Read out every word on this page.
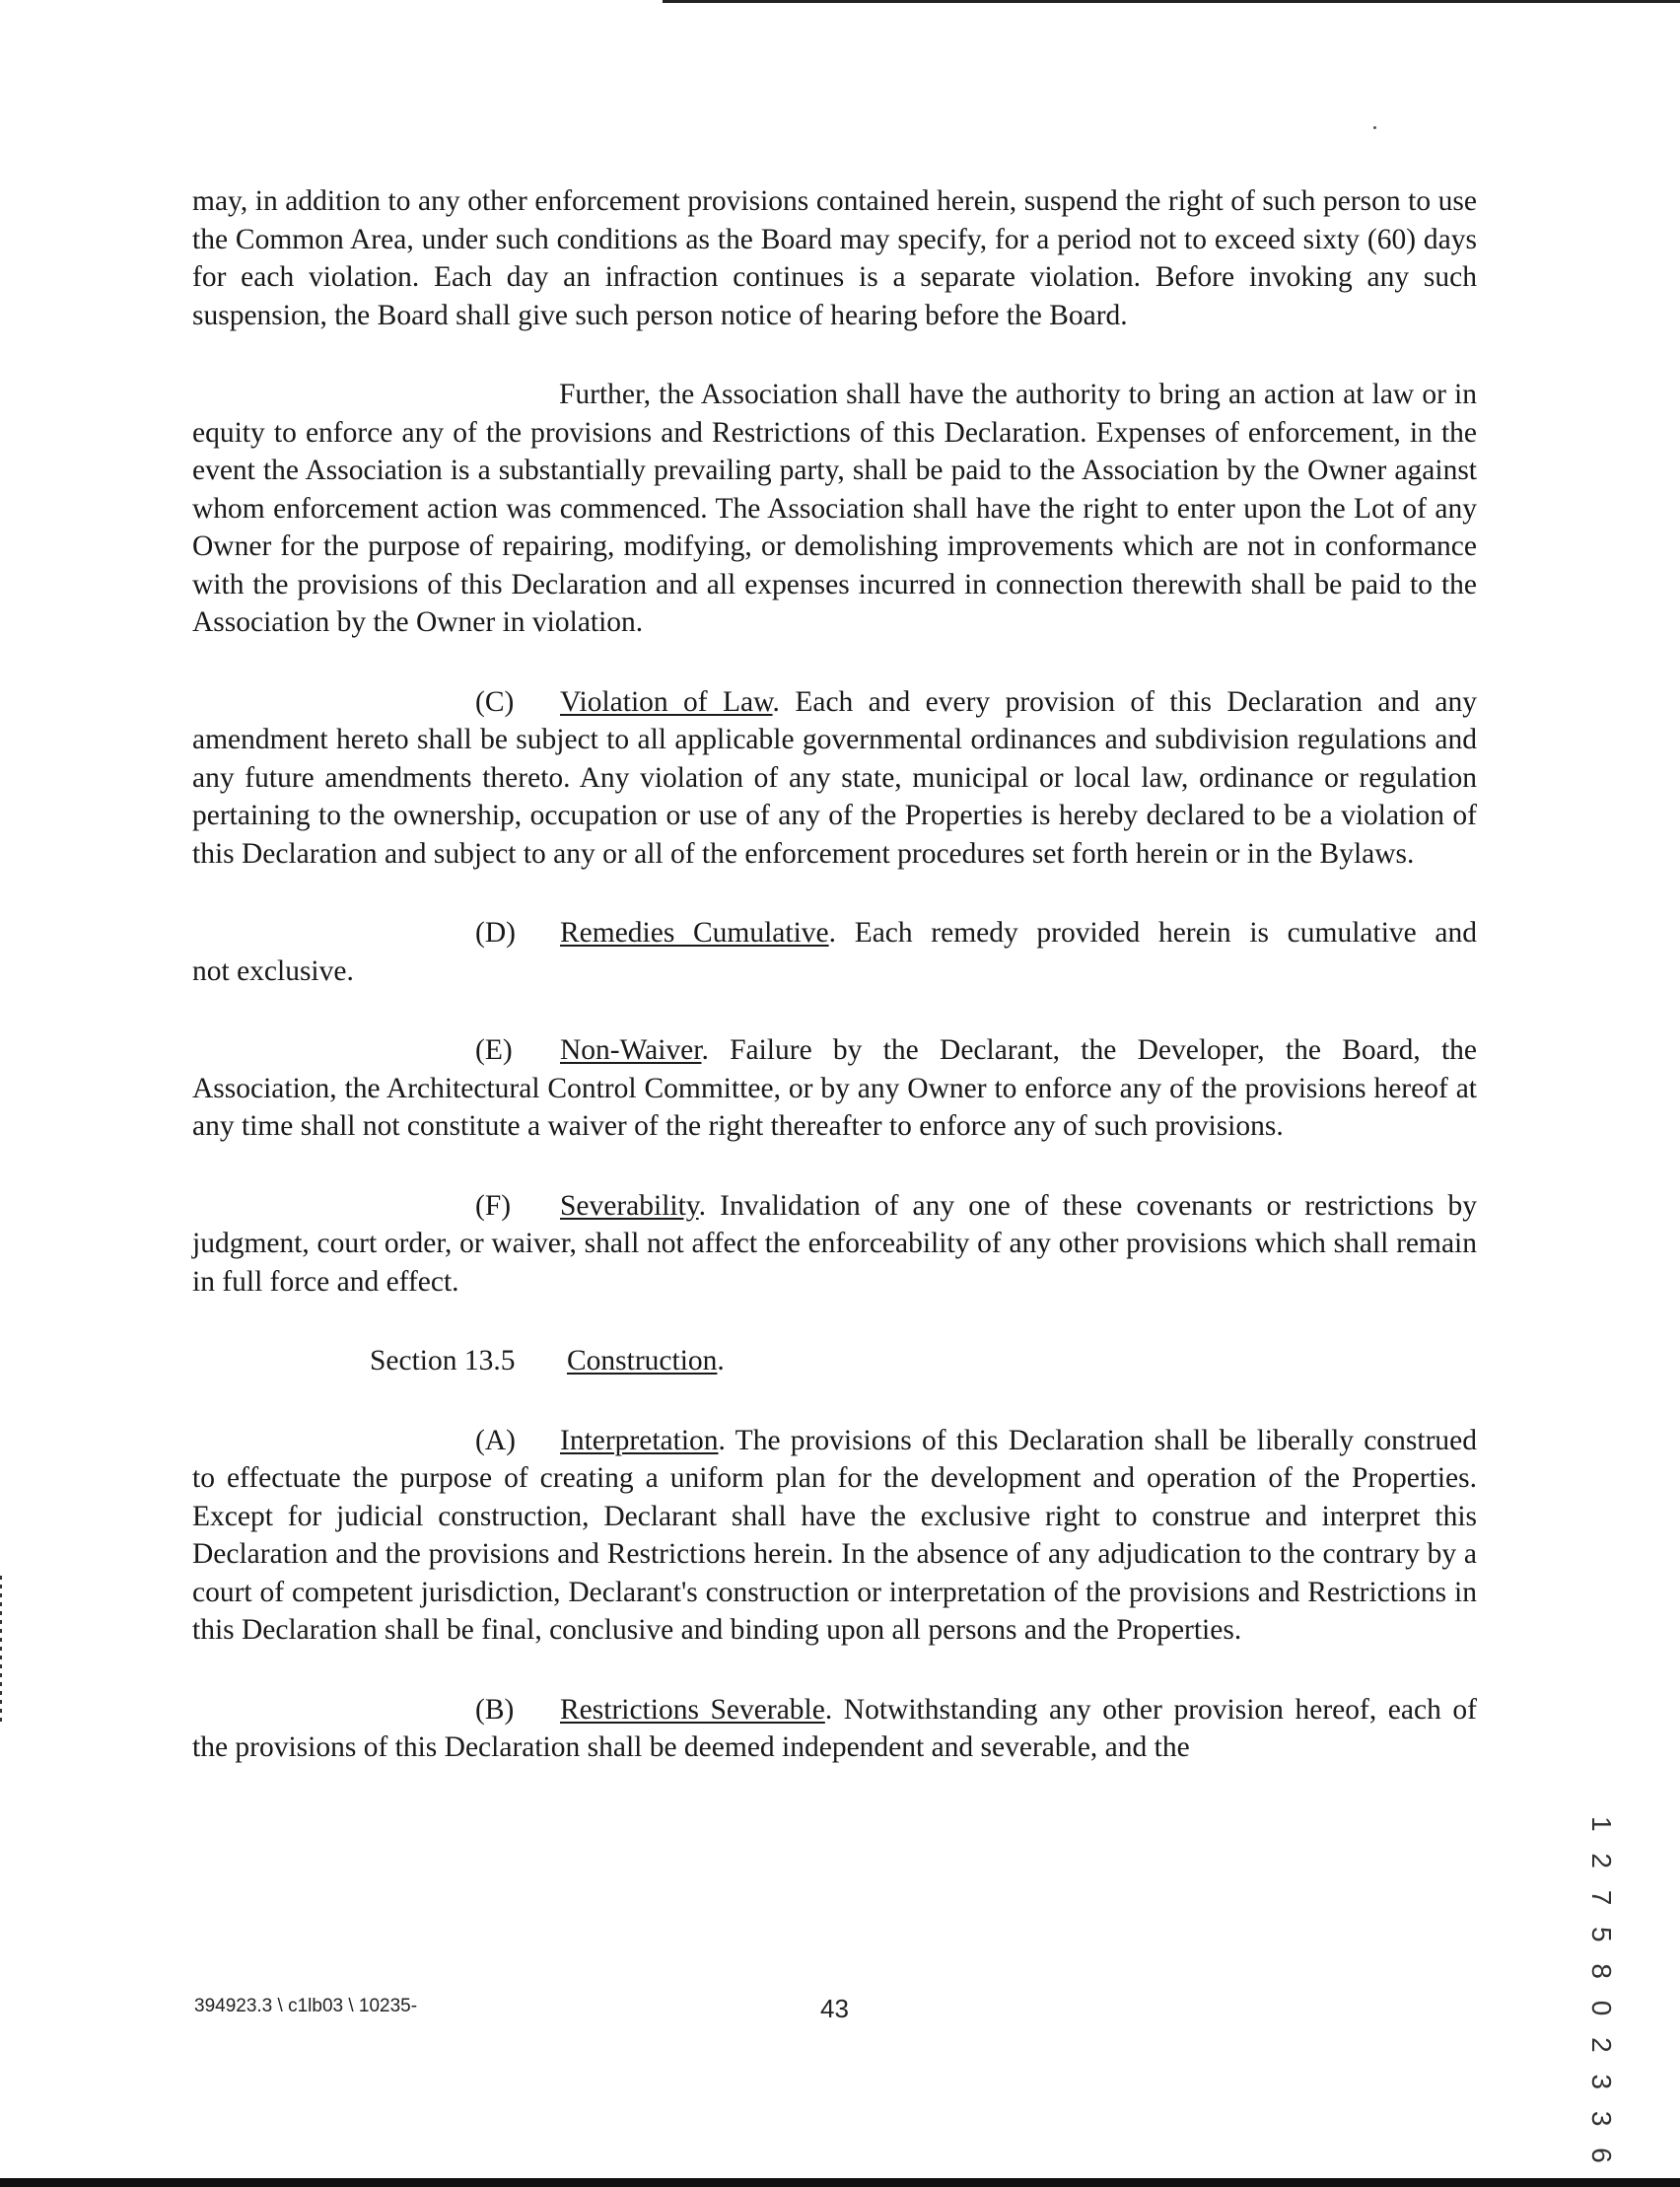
may, in addition to any other enforcement provisions contained herein, suspend the right of such person to use the Common Area, under such conditions as the Board may specify, for a period not to exceed sixty (60) days for each violation. Each day an infraction continues is a separate violation. Before invoking any such suspension, the Board shall give such person notice of hearing before the Board.

Further, the Association shall have the authority to bring an action at law or in equity to enforce any of the provisions and Restrictions of this Declaration. Expenses of enforcement, in the event the Association is a substantially prevailing party, shall be paid to the Association by the Owner against whom enforcement action was commenced. The Association shall have the right to enter upon the Lot of any Owner for the purpose of repairing, modifying, or demolishing improvements which are not in conformance with the provisions of this Declaration and all expenses incurred in connection therewith shall be paid to the Association by the Owner in violation.

(C) Violation of Law. Each and every provision of this Declaration and any amendment hereto shall be subject to all applicable governmental ordinances and subdivision regulations and any future amendments thereto. Any violation of any state, municipal or local law, ordinance or regulation pertaining to the ownership, occupation or use of any of the Properties is hereby declared to be a violation of this Declaration and subject to any or all of the enforcement procedures set forth herein or in the Bylaws.

(D) Remedies Cumulative. Each remedy provided herein is cumulative and
not exclusive.

(E) Non-Waiver. Failure by the Declarant, the Developer, the Board, the Association, the Architectural Control Committee, or by any Owner to enforce any of the provisions hereof at any time shall not constitute a waiver of the right thereafter to enforce any of such provisions.

(F) Severability. Invalidation of any one of these covenants or restrictions by judgment, court order, or waiver, shall not affect the enforceability of any other provisions which shall remain in full force and effect.

Section 13.5 Construction.

(A) Interpretation. The provisions of this Declaration shall be liberally construed to effectuate the purpose of creating a uniform plan for the development and operation of the Properties. Except for judicial construction, Declarant shall have the exclusive right to construe and interpret this Declaration and the provisions and Restrictions herein. In the absence of any adjudication to the contrary by a court of competent jurisdiction, Declarant's construction or interpretation of the provisions and Restrictions in this Declaration shall be final, conclusive and binding upon all persons and the Properties.

(B) Restrictions Severable. Notwithstanding any other provision hereof, each of the provisions of this Declaration shall be deemed independent and severable, and the

394923.3 \ c1lb03 \ 10235-	43	1 2 7 5 8 0 2 3 3 6
